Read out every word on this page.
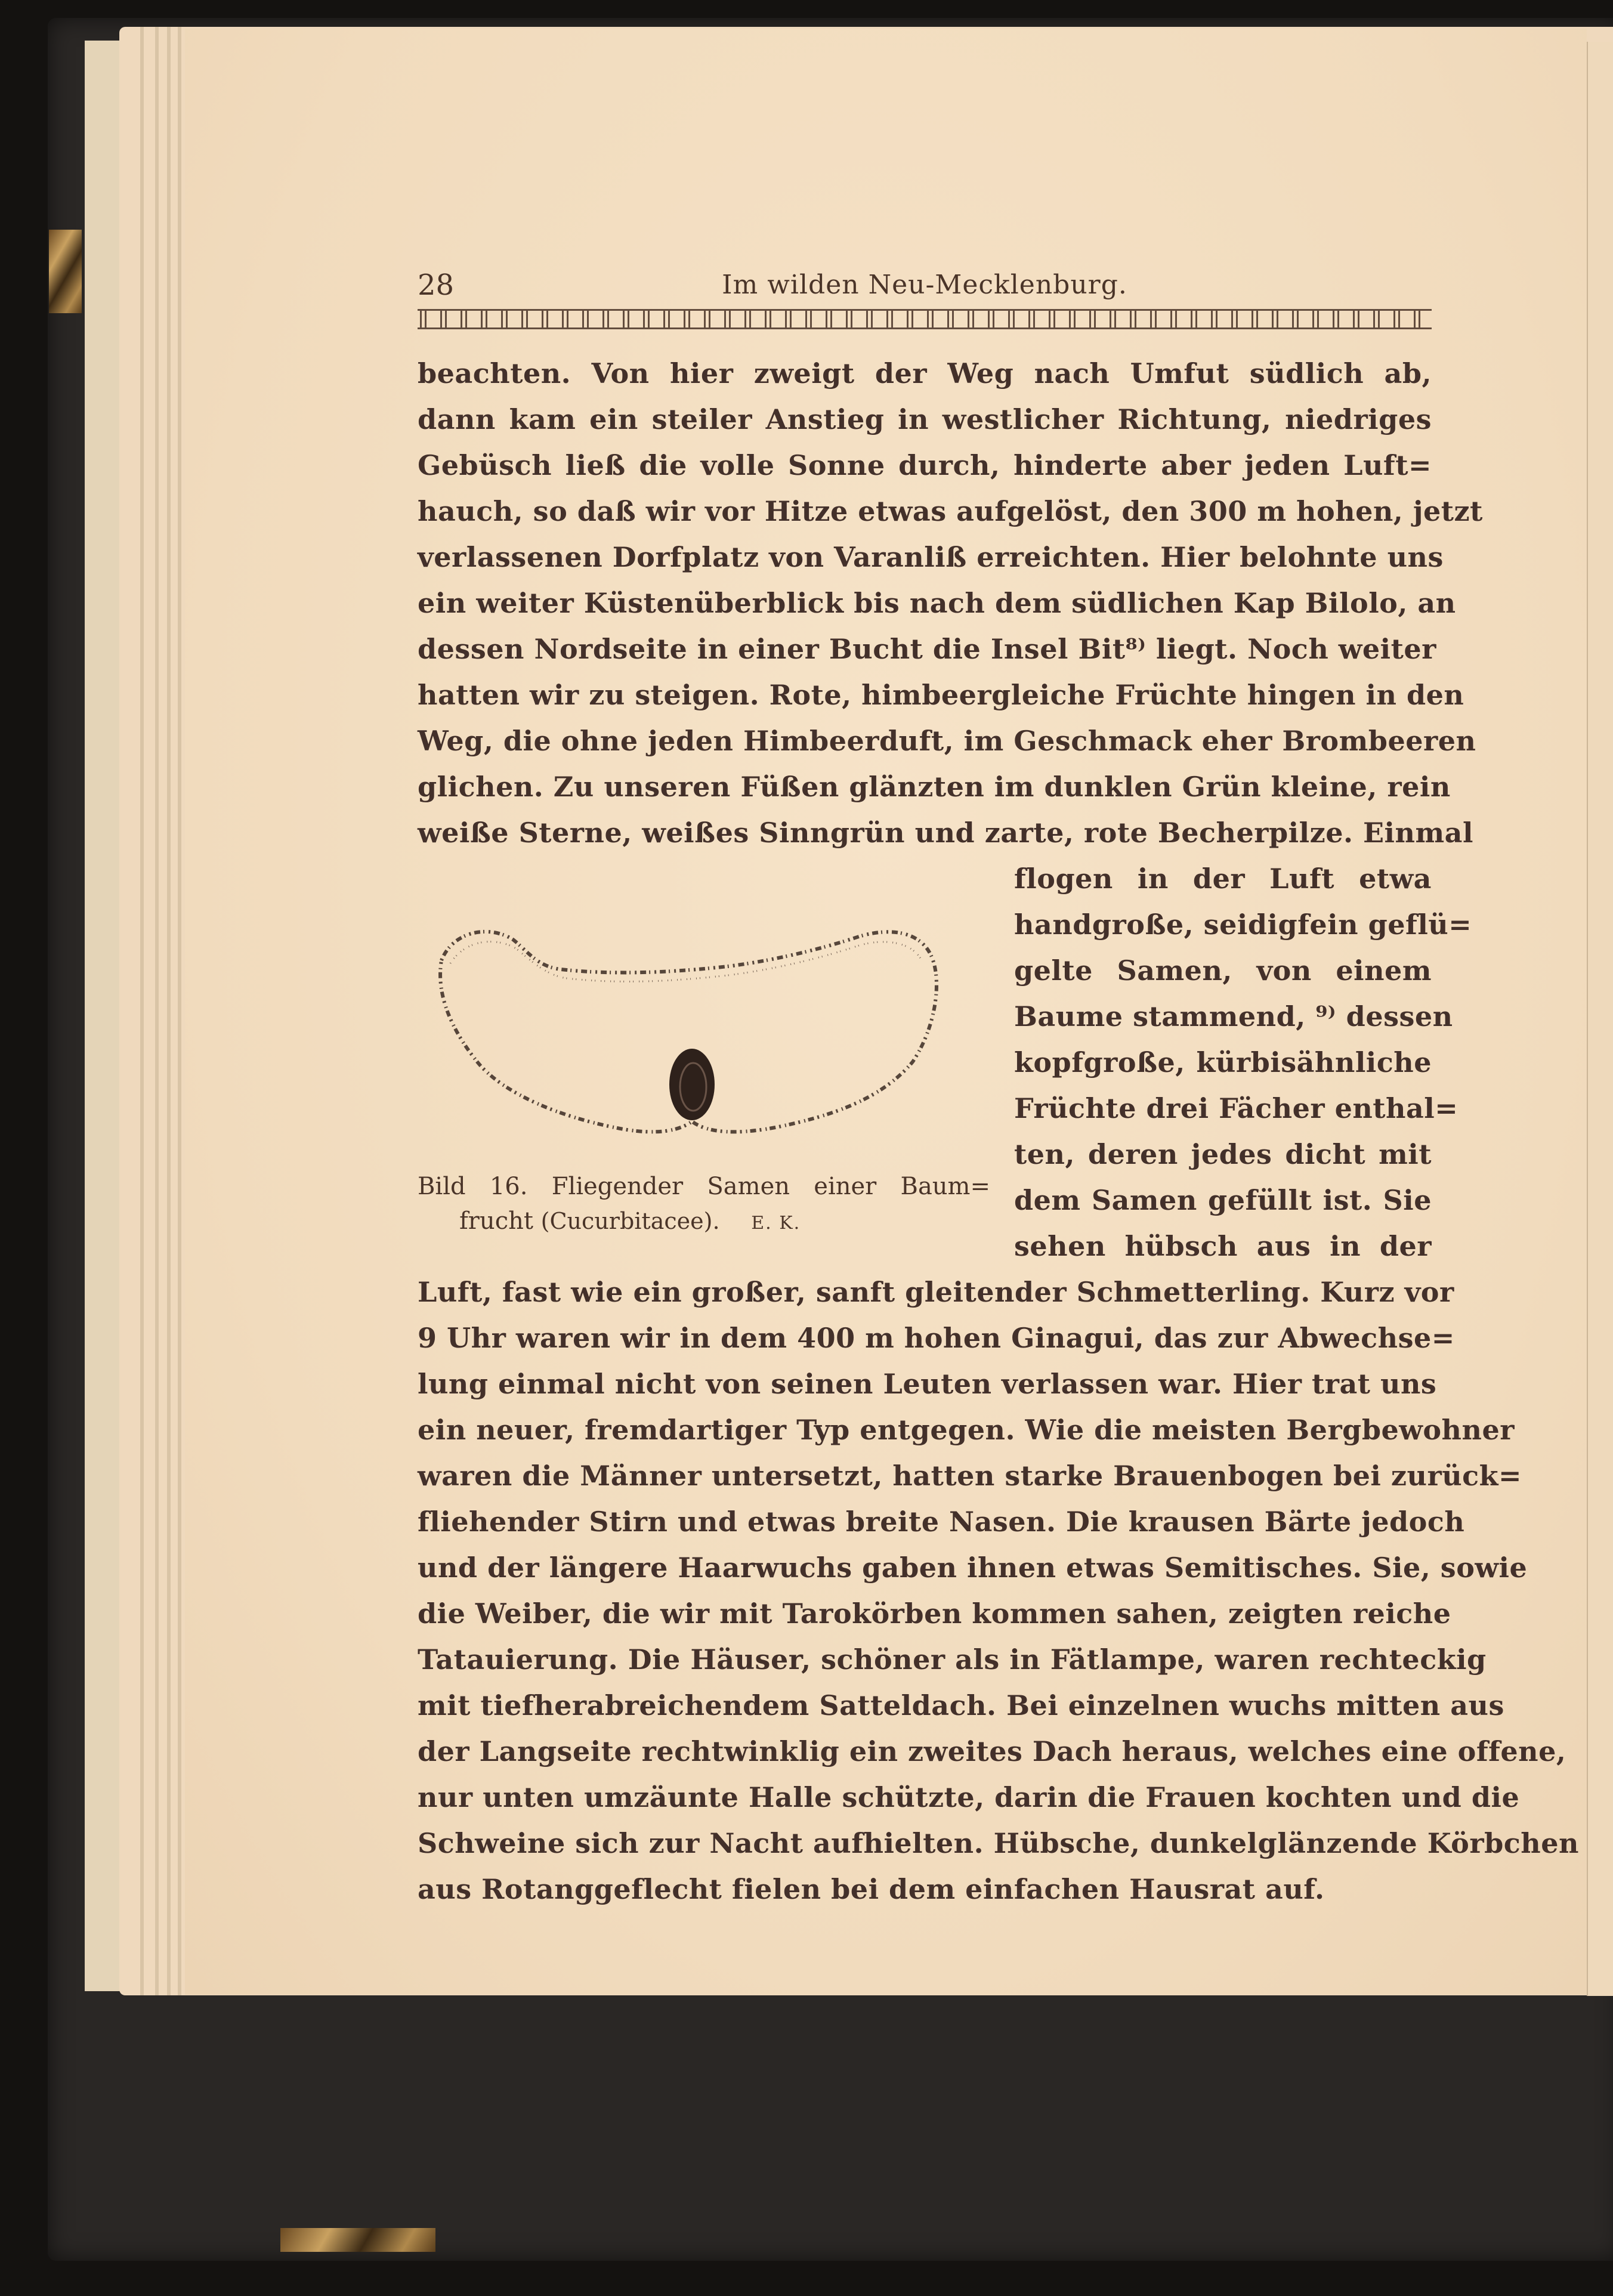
28	Im wilden Neu-Mecklenburg.
beachten. Von hier zweigt der Weg nach Umfut südlich ab,
dann kam ein steiler Anstieg in westlicher Richtung, niedriges
Gebüsch ließ die volle Sonne durch, hinderte aber jeden Luft=
hauch, so daß wir vor Hitze etwas aufgelöst, den 300 m hohen, jetzt
verlassenen Dorfplatz von Varanliß erreichten. Hier belohnte uns
ein weiter Küstenüberblick bis nach dem südlichen Kap Bilolo, an
dessen Nordseite in einer Bucht die Insel Bit⁸⁾ liegt. Noch weiter
hatten wir zu steigen. Rote, himbeergleiche Früchte hingen in den
Weg, die ohne jeden Himbeerduft, im Geschmack eher Brombeeren
glichen. Zu unseren Füßen glänzten im dunklen Grün kleine, rein
weiße Sterne, weißes Sinngrün und zarte, rote Becherpilze. Einmal
flogen in der Luft etwa
handgroße, seidigfein geflü=
gelte Samen, von einem
Baume stammend, ⁹⁾ dessen
kopfgroße, kürbisähnliche
Früchte drei Fächer enthal=
ten, deren jedes dicht mit
dem Samen gefüllt ist. Sie
sehen hübsch aus in der
Luft, fast wie ein großer, sanft gleitender Schmetterling. Kurz vor
9 Uhr waren wir in dem 400 m hohen Ginagui, das zur Abwechse=
lung einmal nicht von seinen Leuten verlassen war. Hier trat uns
ein neuer, fremdartiger Typ entgegen. Wie die meisten Bergbewohner
waren die Männer untersetzt, hatten starke Brauenbogen bei zurück=
fliehender Stirn und etwas breite Nasen. Die krausen Bärte jedoch
und der längere Haarwuchs gaben ihnen etwas Semitisches. Sie, sowie
die Weiber, die wir mit Tarokörben kommen sahen, zeigten reiche
Tatauierung. Die Häuser, schöner als in Fätlampe, waren rechteckig
mit tiefherabreichendem Satteldach. Bei einzelnen wuchs mitten aus
der Langseite rechtwinklig ein zweites Dach heraus, welches eine offene,
nur unten umzäunte Halle schützte, darin die Frauen kochten und die
Schweine sich zur Nacht aufhielten. Hübsche, dunkelglänzende Körbchen
aus Rotanggeflecht fielen bei dem einfachen Hausrat auf.
Bild 16. Fliegender Samen einer Baum=
frucht (Cucurbitacee). E. K.
